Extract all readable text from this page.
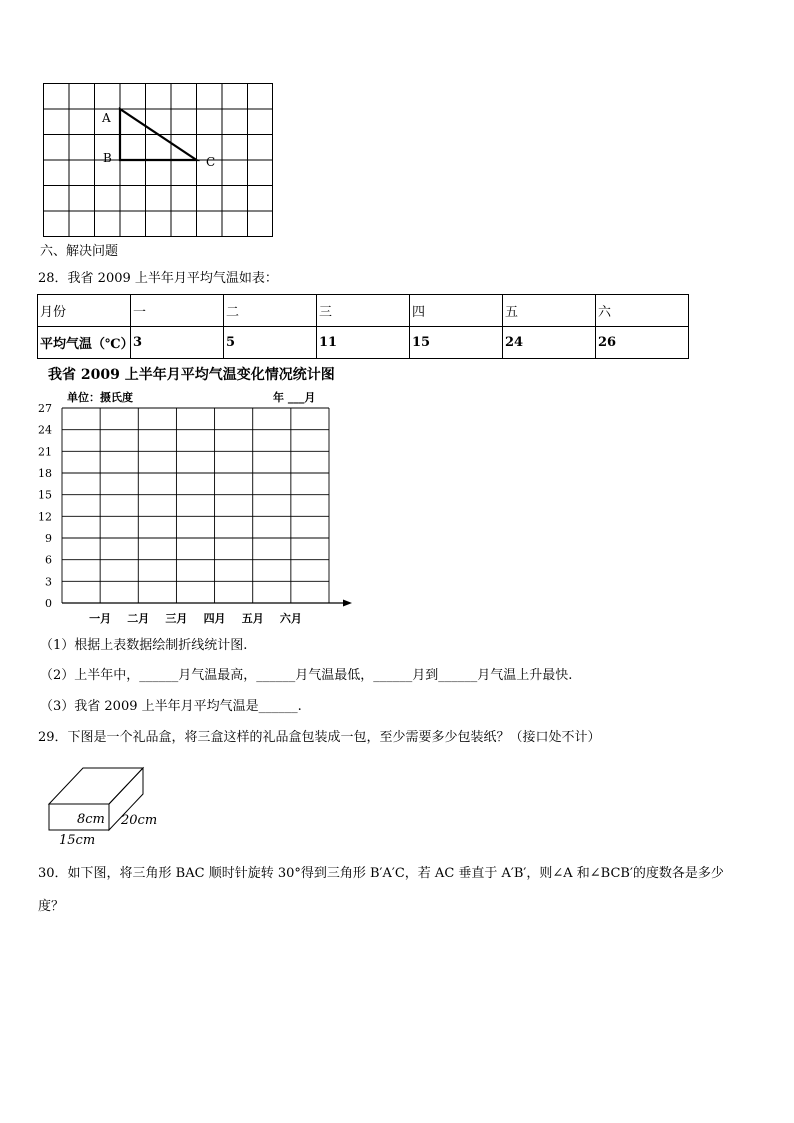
A
B	C
六、解决问题
28．我省 2009 上半年月平均气温如表：
月份	一	二	三	四	五	六
平均气温（℃）	3	5	11	15	24	26
我省 2009 上半年月平均气温变化情况统计图
单位：摄氏度	年 ___月
27
24
21
18
15
12
9
6
3
0
一月 二月 三月 四月 五月 六月
（1）根据上表数据绘制折线统计图.
（2）上半年中，______月气温最高，______月气温最低，______月到______月气温上升最快.
（3）我省 2009 上半年月平均气温是______.
29．下图是一个礼品盒，将三盒这样的礼品盒包装成一包，至少需要多少包装纸？（接口处不计）
8cm 20cm
15cm
30．如下图，将三角形 BAC 顺时针旋转 30°得到三角形 B′A′C，若 AC 垂直于 A′B′，则∠A 和∠BCB′的度数各是多少
度？
